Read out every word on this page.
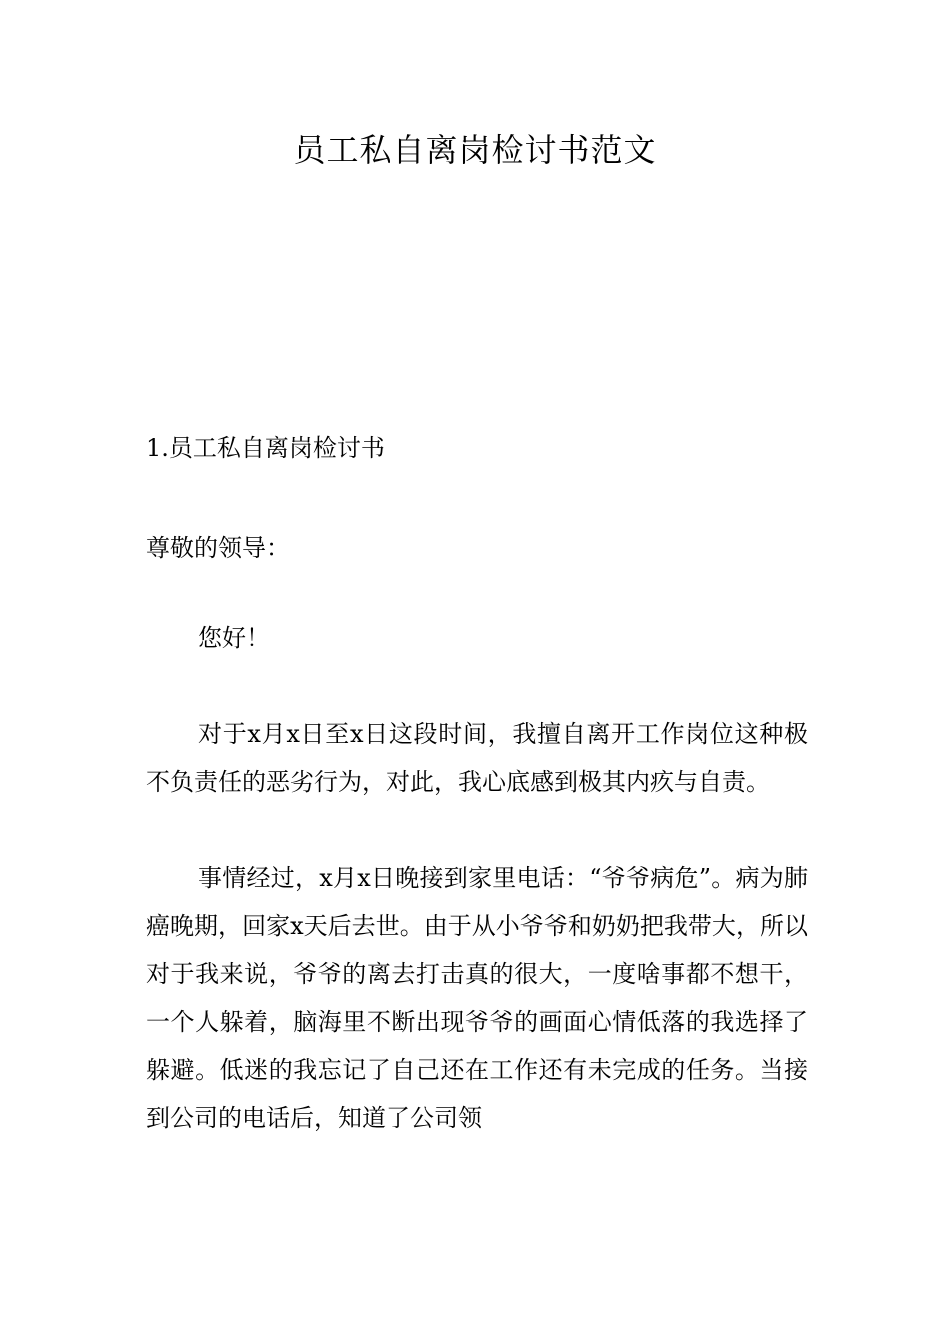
员工私自离岗检讨书范文

1.员工私自离岗检讨书

尊敬的领导：

您好！

对于x月x日至x日这段时间，我擅自离开工作岗位这种极不负责任的恶劣行为，对此，我心底感到极其内疚与自责。

事情经过，x月x日晚接到家里电话：“爷爷病危”。病为肺癌晚期，回家x天后去世。由于从小爷爷和奶奶把我带大，所以对于我来说，爷爷的离去打击真的很大，一度啥事都不想干，一个人躲着，脑海里不断出现爷爷的画面心情低落的我选择了躲避。低迷的我忘记了自己还在工作还有未完成的任务。当接到公司的电话后，知道了公司领
